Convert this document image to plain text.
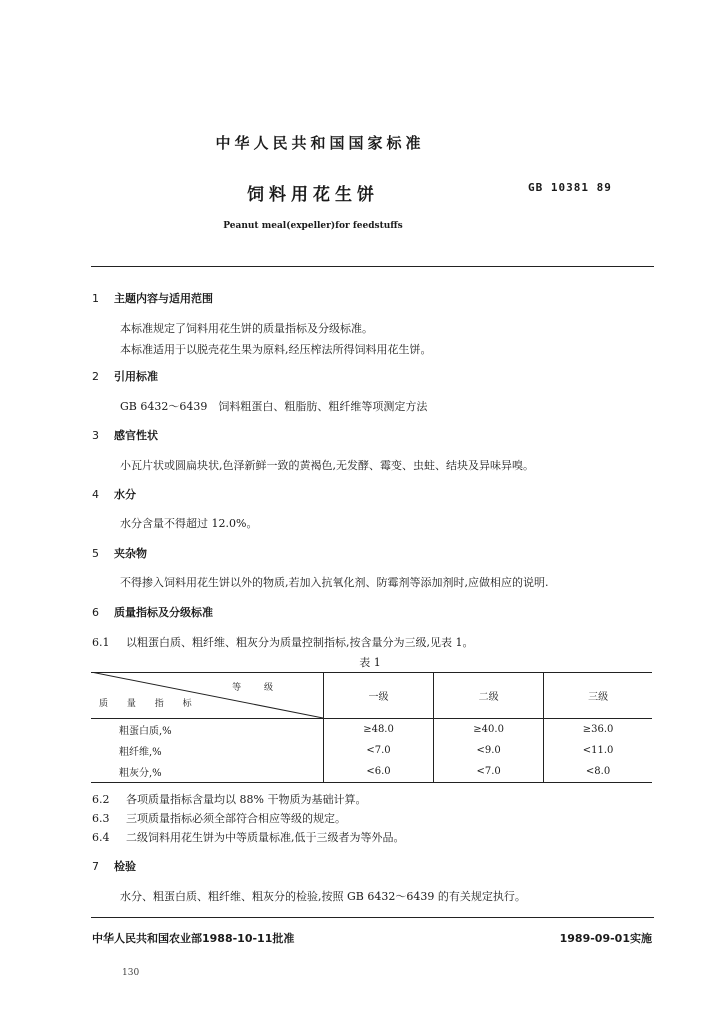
中华人民共和国国家标准
饲料用花生饼	GB 10381 89
Peanut meal(expeller)for feedstuffs
1 主题内容与适用范围
本标准规定了饲料用花生饼的质量指标及分级标准。
本标准适用于以脱壳花生果为原料,经压榨法所得饲料用花生饼。
2 引用标准
GB 6432～6439　饲料粗蛋白、粗脂肪、粗纤维等项测定方法
3 感官性状
小瓦片状或圆扁块状,色泽新鲜一致的黄褐色,无发酵、霉变、虫蛀、结块及异味异嗅。
4 水分
水分含量不得超过 12.0%。
5 夹杂物
不得掺入饲料用花生饼以外的物质,若加入抗氧化剂、防霉剂等添加剂时,应做相应的说明.
6 质量指标及分级标准
6.1 以粗蛋白质、粗纤维、粗灰分为质量控制指标,按含量分为三级,见表 1。
表 1
等 级
质 量 指 标	一级	二级	三级
粗蛋白质,%	≥48.0	≥40.0	≥36.0
粗纤维,%	<7.0	<9.0	<11.0
粗灰分,%	<6.0	<7.0	<8.0
6.2 各项质量指标含量均以 88% 干物质为基础计算。
6.3 三项质量指标必须全部符合相应等级的规定。
6.4 二级饲料用花生饼为中等质量标准,低于三级者为等外品。
7 检验
水分、粗蛋白质、粗纤维、粗灰分的检验,按照 GB 6432～6439 的有关规定执行。
中华人民共和国农业部1988-10-11批准	1989-09-01实施
130
